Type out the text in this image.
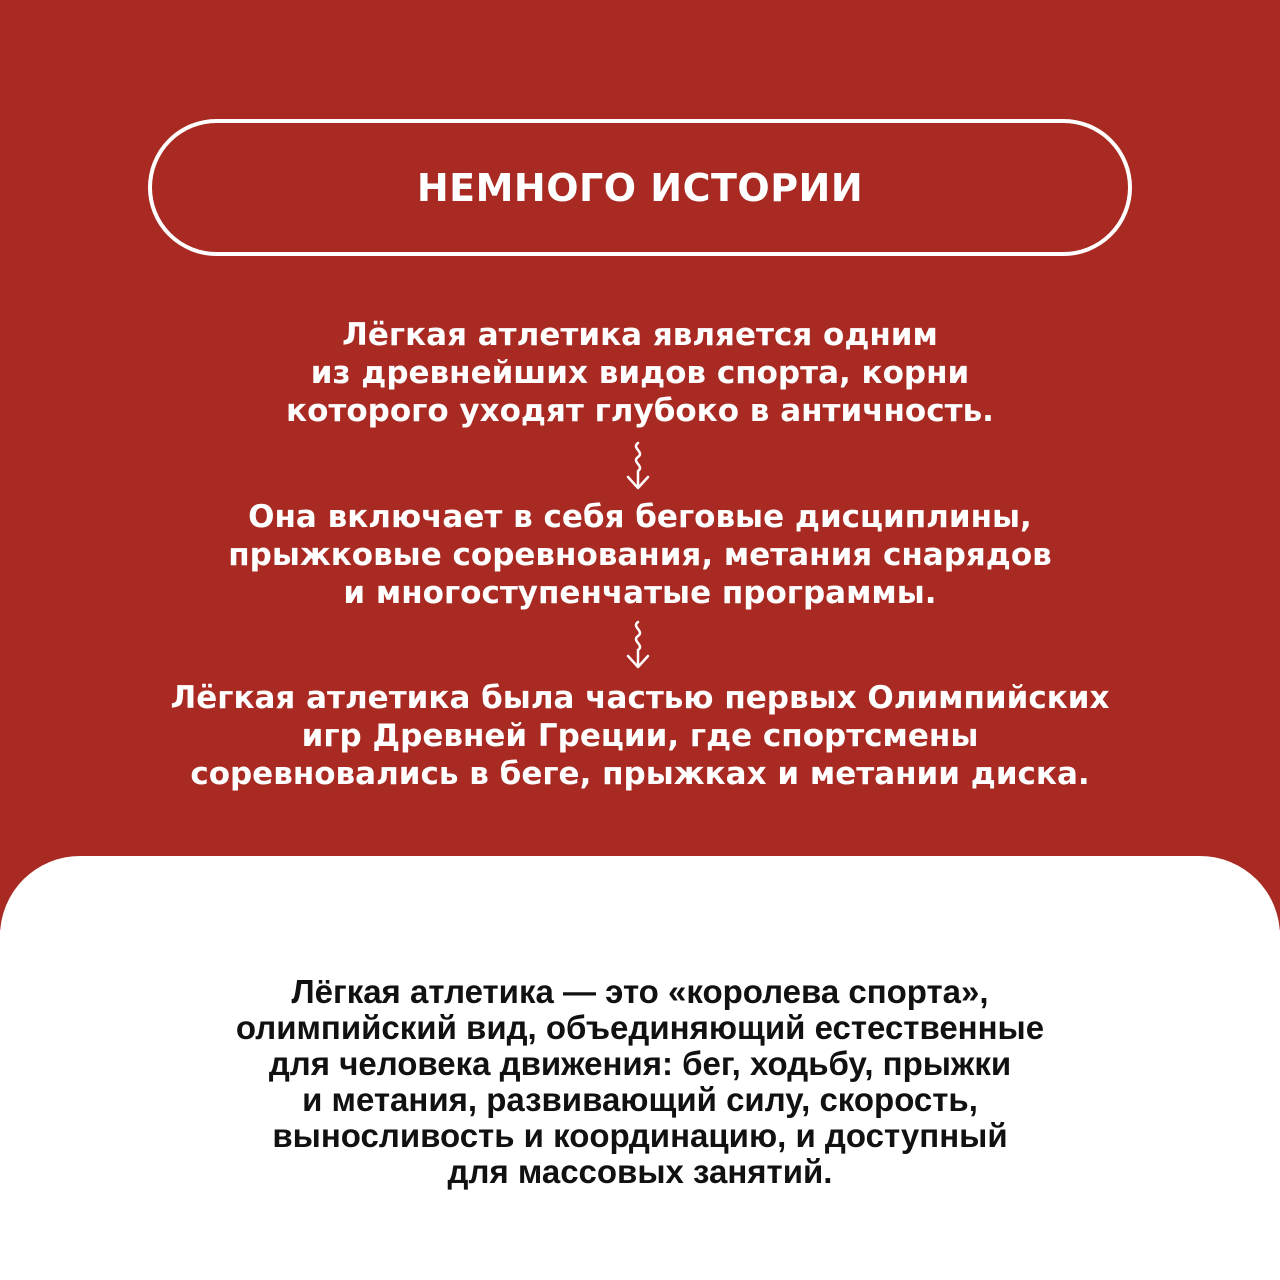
НЕМНОГО ИСТОРИИ
Лёгкая атлетика является одним
из древнейших видов спорта, корни
которого уходят глубоко в античность.
Она включает в себя беговые дисциплины,
прыжковые соревнования, метания снарядов
и многоступенчатые программы.
Лёгкая атлетика была частью первых Олимпийских
игр Древней Греции, где спортсмены
соревновались в беге, прыжках и метании диска.
Лёгкая атлетика — это «королева спорта»,
олимпийский вид, объединяющий естественные
для человека движения: бег, ходьбу, прыжки
и метания, развивающий силу, скорость,
выносливость и координацию, и доступный
для массовых занятий.
